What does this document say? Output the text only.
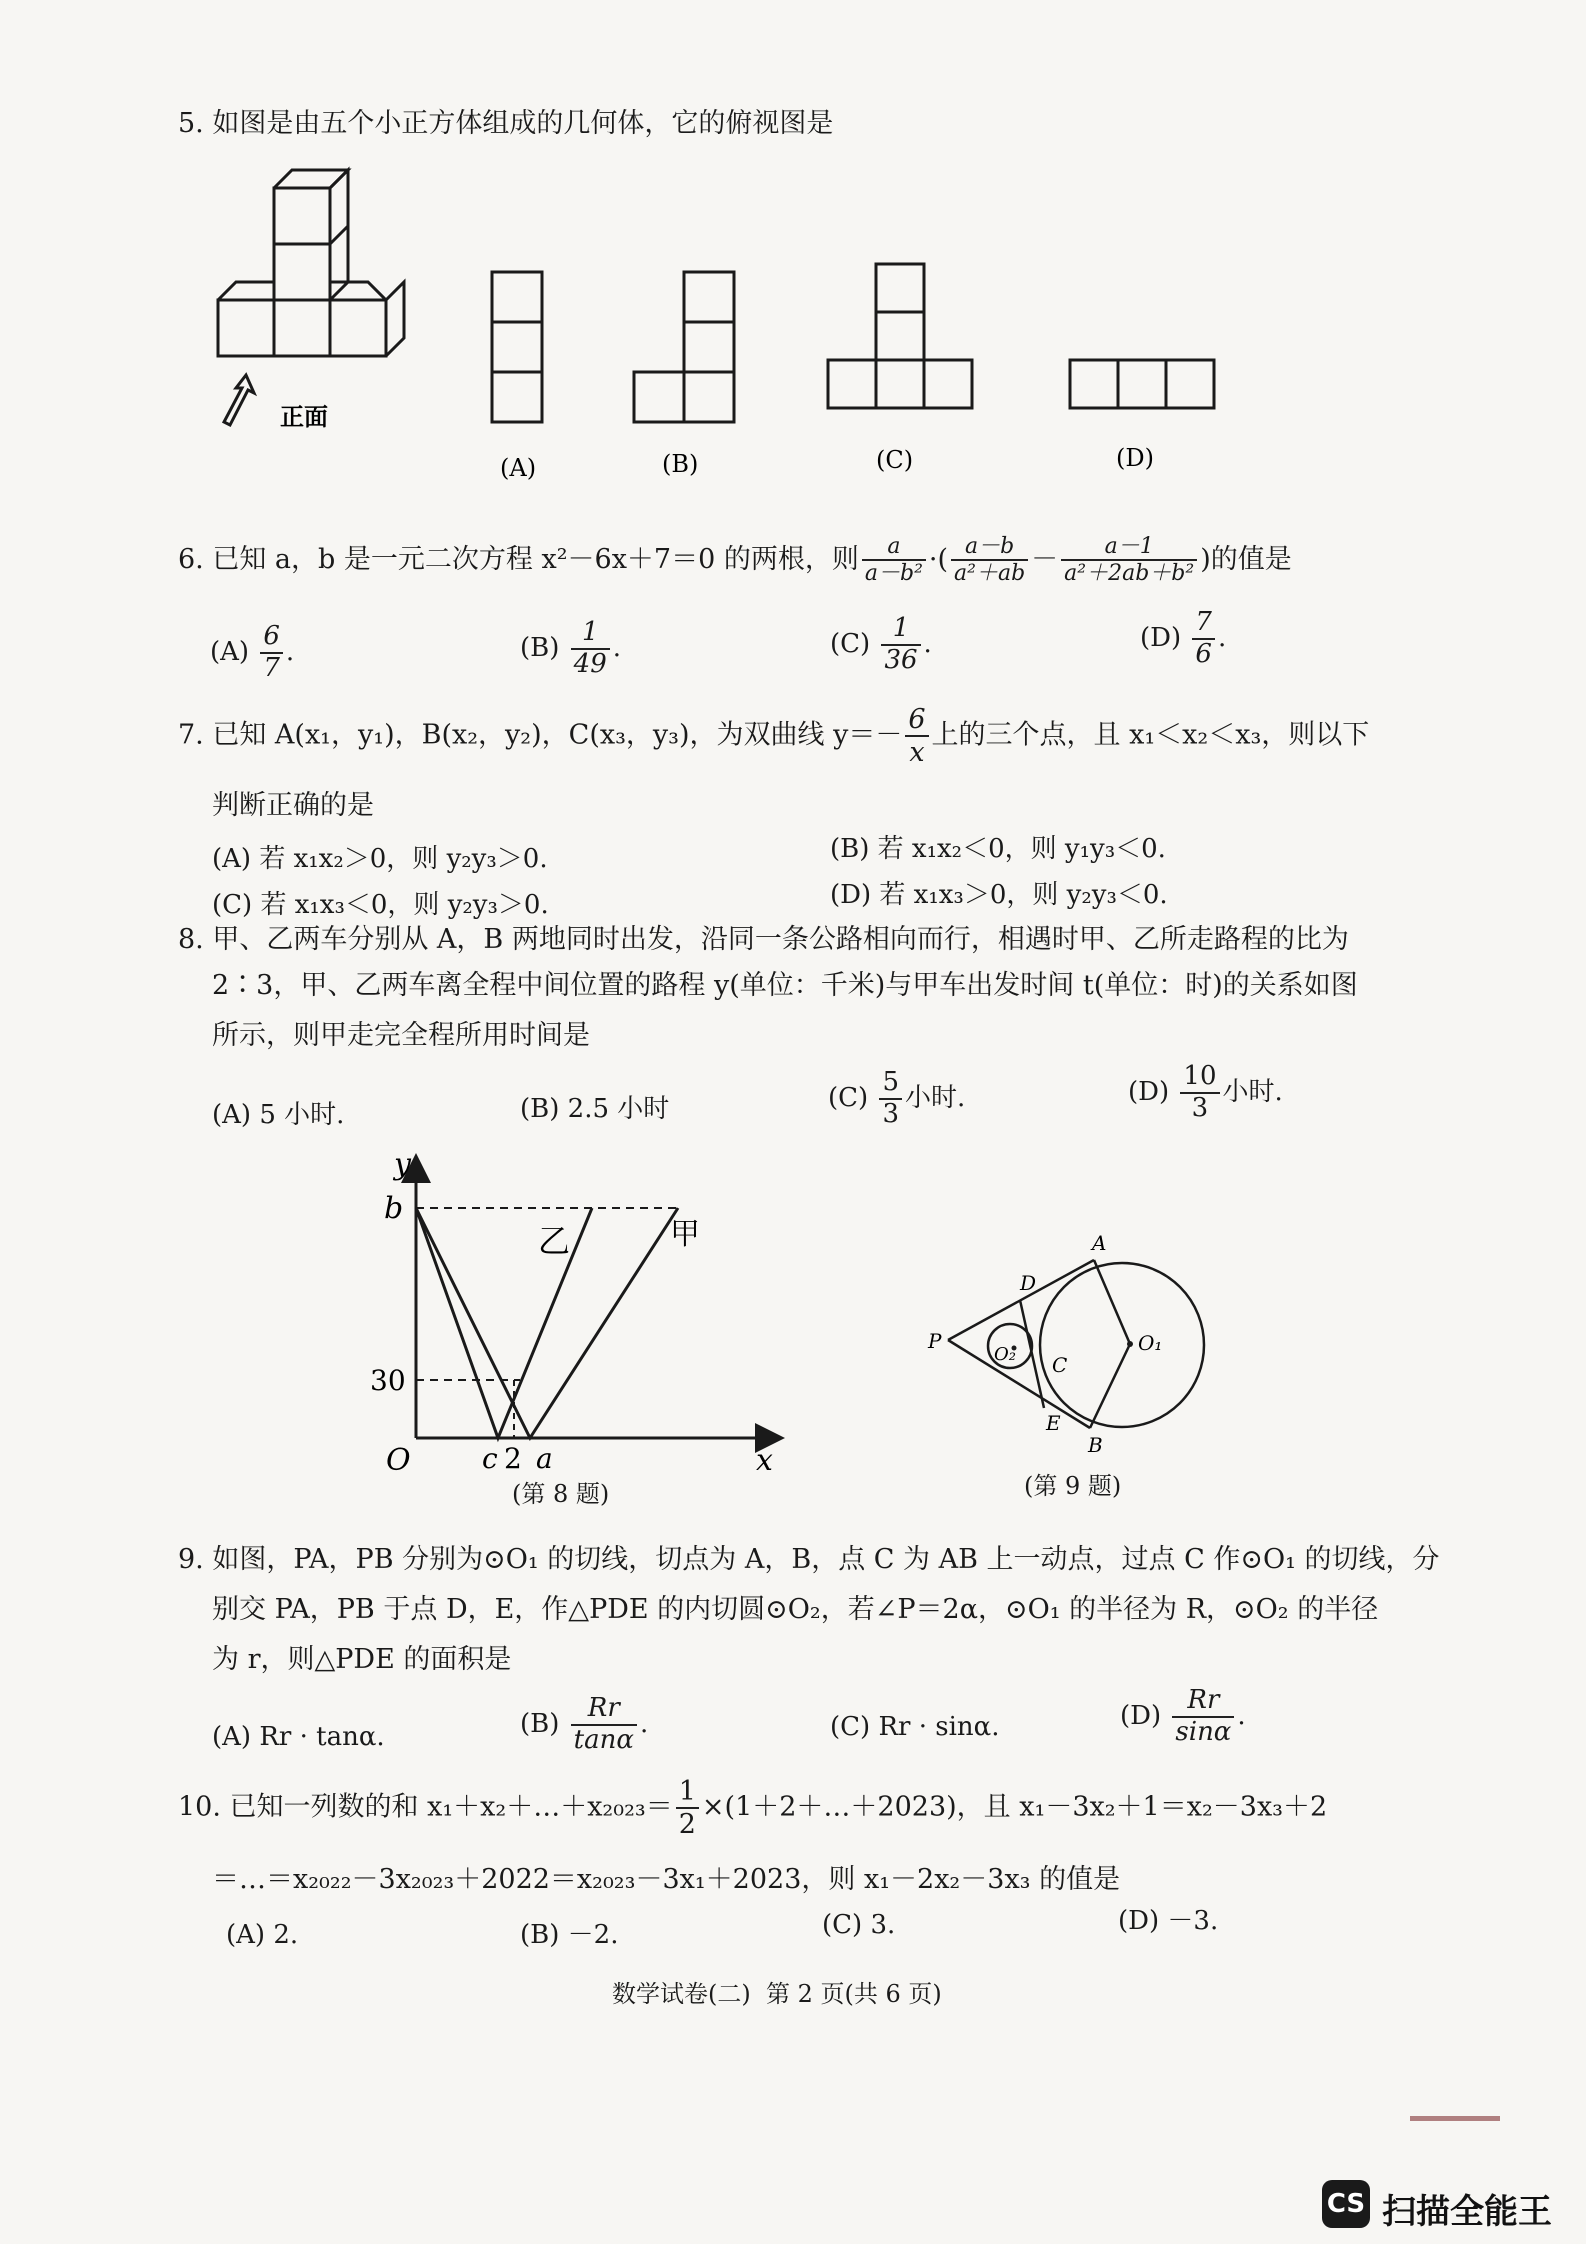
5. 如图是由五个小正方体组成的几何体，它的俯视图是
正面
(A)	(B)	(C)	(D)
6. 已知 a，b 是一元二次方程 x²－6x＋7＝0 的两根，则 $\frac{a}{\text{a－b²}}$ ·( $\frac{a-b}{\text{a²＋ab}} - \frac{a-1}{\text{a²＋2ab＋b²}}$ )的值是
$(A) \frac{6}{7}$ .	$(B) \frac{1}{49}$ .	$(C) \frac{1}{36}$ .	$(D) \frac{7}{6}$ .
7. 已知 A(x₁，y₁)，B(x₂，y₂)，C(x₃，y₃)，为双曲线 $y=- \frac{6}{x}$ 上的三个点，且 x₁＜x₂＜x₃，则以下
判断正确的是
(A) 若 x₁x₂＞0，则 y₂y₃＞0.	(B) 若 x₁x₂＜0，则 y₁y₃＜0.
(C) 若 x₁x₃＜0，则 y₂y₃＞0.	(D) 若 x₁x₃＞0，则 y₂y₃＜0.
8. 甲、乙两车分别从 A，B 两地同时出发，沿同一条公路相向而行，相遇时甲、乙所走路程的比为
2∶3，甲、乙两车离全程中间位置的路程 y(单位：千米)与甲车出发时间 t(单位：时)的关系如图
所示，则甲走完全程所用时间是
(A) 5 小时.	(B) 2.5 小时	$(C) \frac{5}{3}$ 小时.	$(D) \frac{10}{3}$ 小时.
y
x
O
b
30
c 2 a
乙	甲
(第 8 题)
P
A
B
C
D
E
O₁
O₂
(第 9 题)
9. 如图，PA，PB 分别为⊙O₁ 的切线，切点为 A，B，点 C 为 AB 上一动点，过点 C 作⊙O₁ 的切线，分
别交 PA，PB 于点 D，E，作△PDE 的内切圆⊙O₂，若∠P＝2α，⊙O₁ 的半径为 R，⊙O₂ 的半径
为 r，则△PDE 的面积是
(A) Rr · tanα.	$(B) \frac{Rr}{\tan\alpha}$ .	(C) Rr · sinα.	$(D) \frac{Rr}{\sin\alpha}$ .
10. 已知一列数的和 x₁＋x₂＋…＋x₂₀₂₃＝ $\frac{1}{2}$ ×(1＋2＋…＋2023)，且 x₁－3x₂＋1＝x₂－3x₃＋2
＝…＝x₂₀₂₂－3x₂₀₂₃＋2022＝x₂₀₂₃－3x₁＋2023，则 x₁－2x₂－3x₃ 的值是
(A) 2.	(B) －2.	(C) 3.	(D) －3.
数学试卷(二)  第 2 页(共 6 页)
CS 扫描全能王
